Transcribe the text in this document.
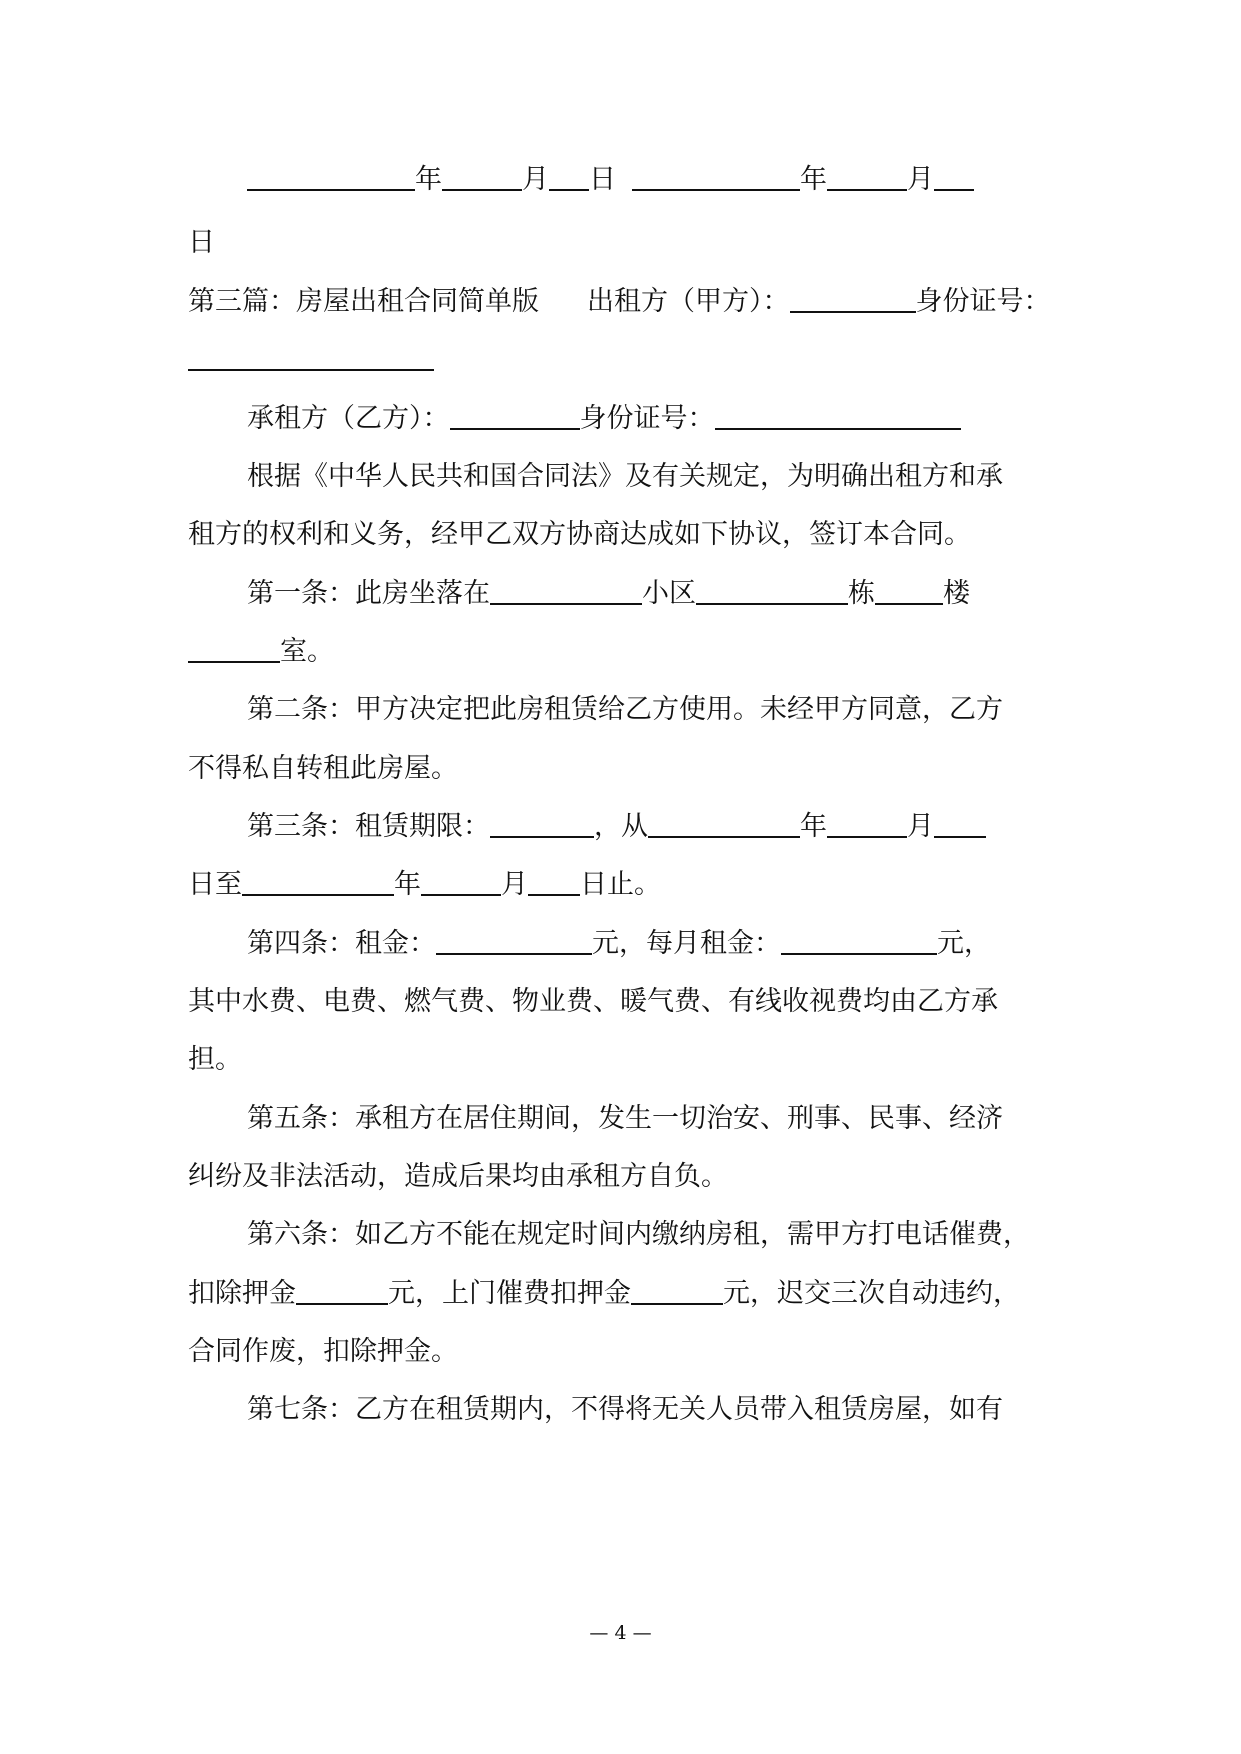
年	月 日	年	月
日
第三篇：房屋出租合同简单版 出租方（甲方）：	身份证号：
承租方（乙方）：	身份证号：
根据《中华人民共和国合同法》及有关规定，为明确出租方和承
租方的权利和义务，经甲乙双方协商达成如下协议，签订本合同。
第一条：此房坐落在	小区	栋	楼
室。
第二条：甲方决定把此房租赁给乙方使用。未经甲方同意，乙方
不得私自转租此房屋。
第三条：租赁期限：	，从	年	月
日至	年	月 日止。
第四条：租金：	元，每月租金：	元，
其中水费、电费、燃气费、物业费、暖气费、有线收视费均由乙方承
担。
第五条：承租方在居住期间，发生一切治安、刑事、民事、经济
纠纷及非法活动，造成后果均由承租方自负。
第六条：如乙方不能在规定时间内缴纳房租，需甲方打电话催费，
扣除押金	元，上门催费扣押金	元，迟交三次自动违约，
合同作废，扣除押金。
第七条：乙方在租赁期内，不得将无关人员带入租赁房屋，如有
— 4 —
